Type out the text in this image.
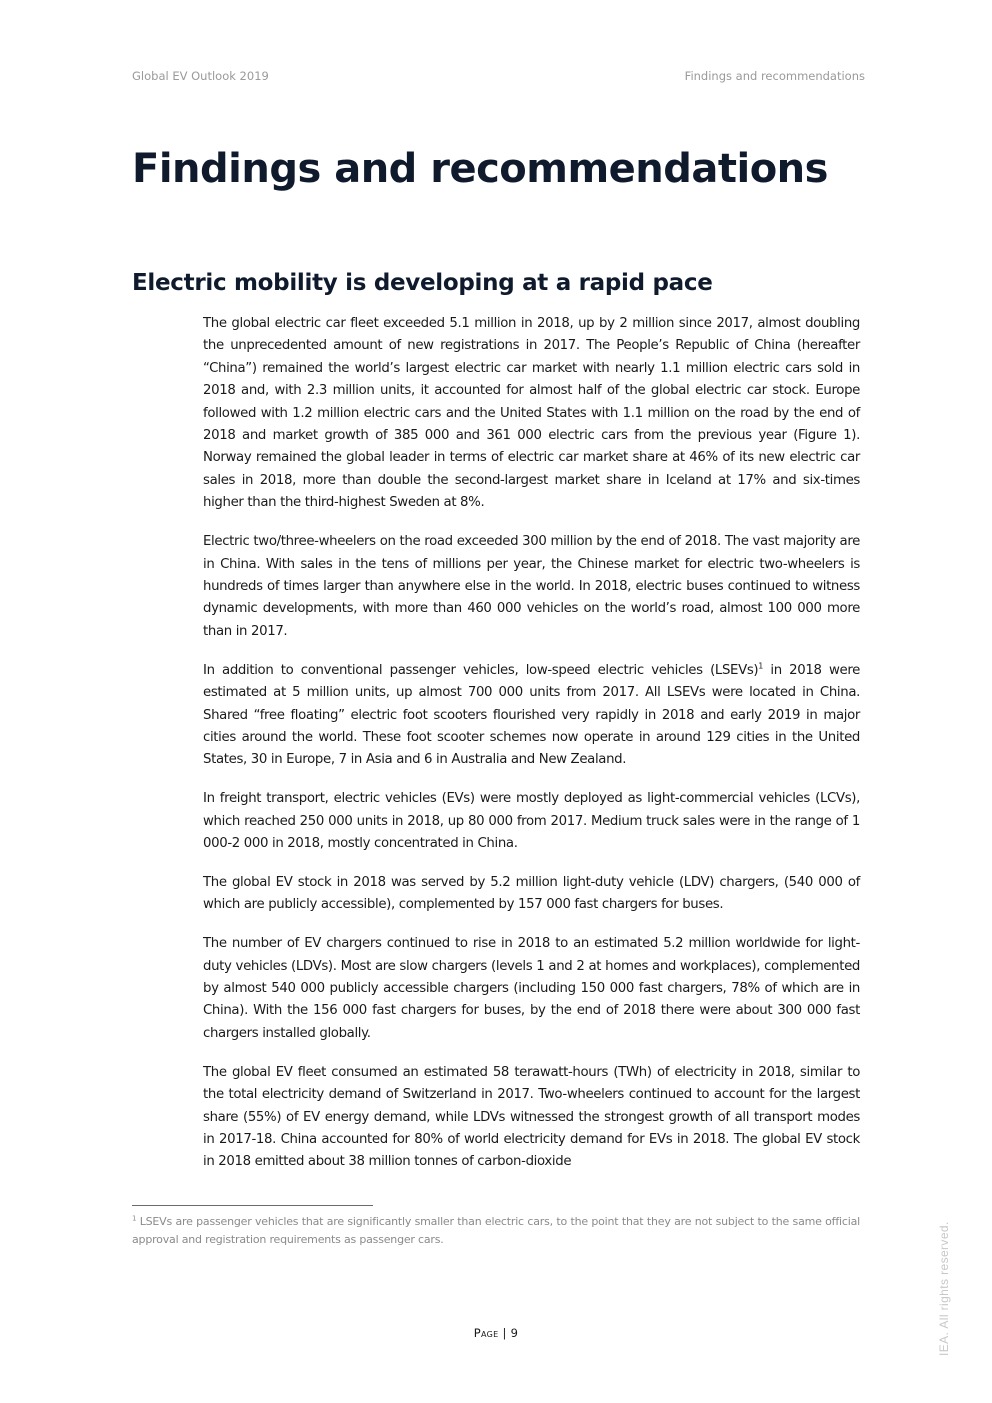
Global EV Outlook 2019	Findings and recommendations
Findings and recommendations
Electric mobility is developing at a rapid pace

The global electric car fleet exceeded 5.1 million in 2018, up by 2 million since 2017, almost doubling the unprecedented amount of new registrations in 2017. The People’s Republic of China (hereafter “China”) remained the world’s largest electric car market with nearly 1.1 million electric cars sold in 2018 and, with 2.3 million units, it accounted for almost half of the global electric car stock. Europe followed with 1.2 million electric cars and the United States with 1.1 million on the road by the end of 2018 and market growth of 385 000 and 361 000 electric cars from the previous year (Figure 1). Norway remained the global leader in terms of electric car market share at 46% of its new electric car sales in 2018, more than double the second-largest market share in Iceland at 17% and six-times higher than the third-highest Sweden at 8%.

Electric two/three-wheelers on the road exceeded 300 million by the end of 2018. The vast majority are in China. With sales in the tens of millions per year, the Chinese market for electric two-wheelers is hundreds of times larger than anywhere else in the world. In 2018, electric buses continued to witness dynamic developments, with more than 460 000 vehicles on the world’s road, almost 100 000 more than in 2017.

In addition to conventional passenger vehicles, low-speed electric vehicles (LSEVs)$^1$ in 2018 were estimated at 5 million units, up almost 700 000 units from 2017. All LSEVs were located in China. Shared “free floating” electric foot scooters flourished very rapidly in 2018 and early 2019 in major cities around the world. These foot scooter schemes now operate in around 129 cities in the United States, 30 in Europe, 7 in Asia and 6 in Australia and New Zealand.

In freight transport, electric vehicles (EVs) were mostly deployed as light-commercial vehicles (LCVs), which reached 250 000 units in 2018, up 80 000 from 2017. Medium truck sales were in the range of 1 000-2 000 in 2018, mostly concentrated in China.

The global EV stock in 2018 was served by 5.2 million light-duty vehicle (LDV) chargers, (540 000 of which are publicly accessible), complemented by 157 000 fast chargers for buses.

The number of EV chargers continued to rise in 2018 to an estimated 5.2 million worldwide for light-duty vehicles (LDVs). Most are slow chargers (levels 1 and 2 at homes and workplaces), complemented by almost 540 000 publicly accessible chargers (including 150 000 fast chargers, 78% of which are in China). With the 156 000 fast chargers for buses, by the end of 2018 there were about 300 000 fast chargers installed globally.

The global EV fleet consumed an estimated 58 terawatt-hours (TWh) of electricity in 2018, similar to the total electricity demand of Switzerland in 2017. Two-wheelers continued to account for the largest share (55%) of EV energy demand, while LDVs witnessed the strongest growth of all transport modes in 2017-18. China accounted for 80% of world electricity demand for EVs in 2018. The global EV stock in 2018 emitted about 38 million tonnes of carbon-dioxide

$^1$ LSEVs are passenger vehicles that are significantly smaller than electric cars, to the point that they are not subject to the same official approval and registration requirements as passenger cars.
Page | 9	IEA. All rights reserved.
